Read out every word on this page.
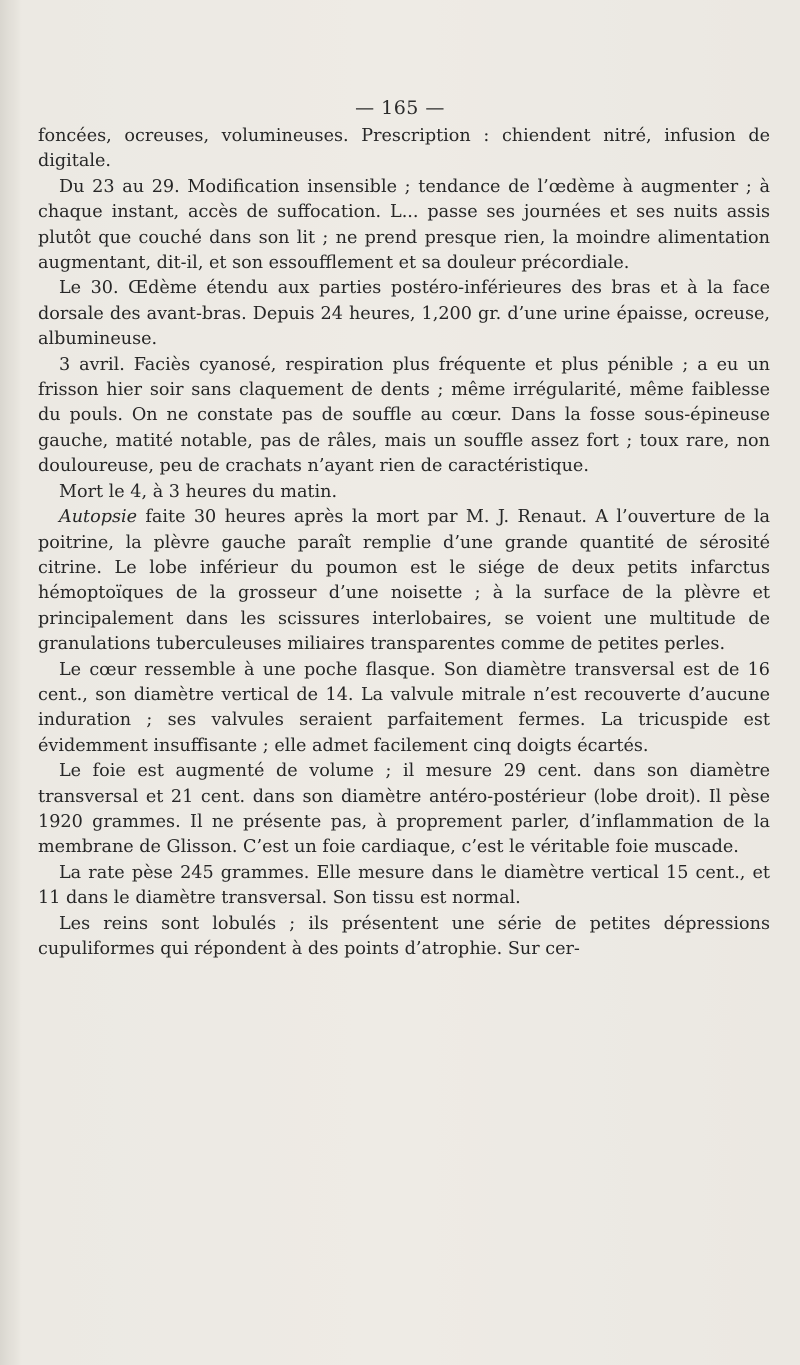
— 165 —

foncées, ocreuses, volumineuses. Prescription : chiendent nitré, infusion de digitale.

Du 23 au 29. Modification insensible ; tendance de l’œdème à augmenter ; à chaque instant, accès de suffocation. L... passe ses journées et ses nuits assis plutôt que couché dans son lit ; ne prend presque rien, la moindre alimentation augmentant, dit-il, et son essoufflement et sa douleur précordiale.

Le 30. Œdème étendu aux parties postéro-inférieures des bras et à la face dorsale des avant-bras. Depuis 24 heures, 1,200 gr. d’une urine épaisse, ocreuse, albumineuse.

3 avril. Faciès cyanosé, respiration plus fréquente et plus pénible ; a eu un frisson hier soir sans claquement de dents ; même irrégularité, même faiblesse du pouls. On ne constate pas de souffle au cœur. Dans la fosse sous-épineuse gauche, matité notable, pas de râles, mais un souffle assez fort ; toux rare, non douloureuse, peu de crachats n’ayant rien de caractéristique.

Mort le 4, à 3 heures du matin.

Autopsie faite 30 heures après la mort par M. J. Renaut. A l’ouverture de la poitrine, la plèvre gauche paraît remplie d’une grande quantité de sérosité citrine. Le lobe inférieur du poumon est le siége de deux petits infarctus hémoptoïques de la grosseur d’une noisette ; à la surface de la plèvre et principalement dans les scissures interlobaires, se voient une multitude de granulations tuberculeuses miliaires transparentes comme de petites perles.

Le cœur ressemble à une poche flasque. Son diamètre transversal est de 16 cent., son diamètre vertical de 14. La valvule mitrale n’est recouverte d’aucune induration ; ses valvules seraient parfaitement fermes. La tricuspide est évidemment insuffisante ; elle admet facilement cinq doigts écartés.

Le foie est augmenté de volume ; il mesure 29 cent. dans son diamètre transversal et 21 cent. dans son diamètre antéro-postérieur (lobe droit). Il pèse 1920 grammes. Il ne présente pas, à proprement parler, d’inflammation de la membrane de Glisson. C’est un foie cardiaque, c’est le véritable foie muscade.

La rate pèse 245 grammes. Elle mesure dans le diamètre vertical 15 cent., et 11 dans le diamètre transversal. Son tissu est normal.

Les reins sont lobulés ; ils présentent une série de petites dépressions cupuliformes qui répondent à des points d’atrophie. Sur cer-
